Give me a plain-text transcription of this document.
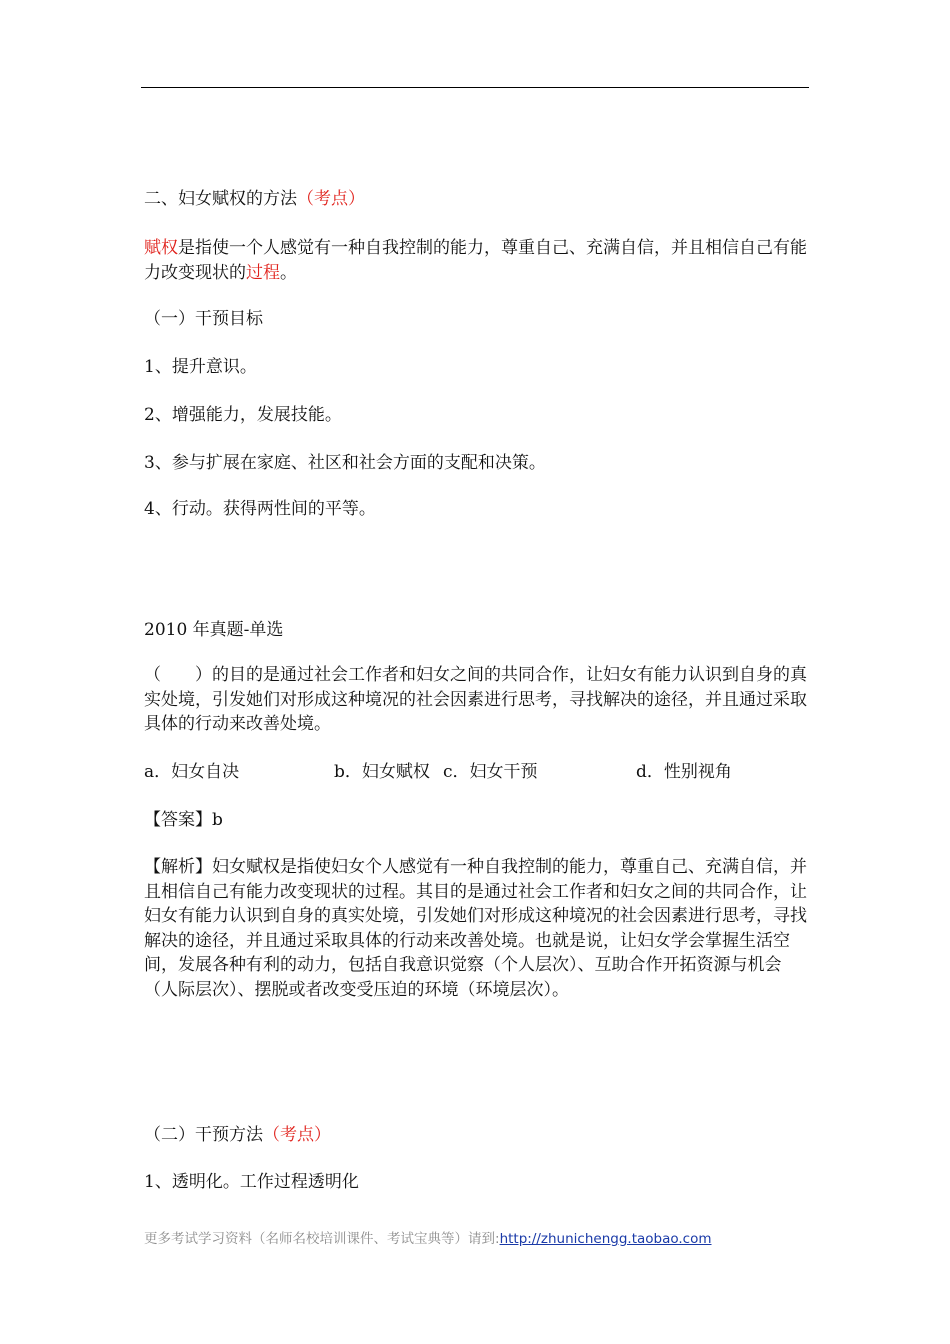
二、妇女赋权的方法（考点）

赋权是指使一个人感觉有一种自我控制的能力，尊重自己、充满自信，并且相信自己有能力改变现状的过程。

（一）干预目标

1、提升意识。

2、增强能力，发展技能。

3、参与扩展在家庭、社区和社会方面的支配和决策。

4、行动。获得两性间的平等。

2010 年真题-单选

（　　）的目的是通过社会工作者和妇女之间的共同合作，让妇女有能力认识到自身的真实处境，引发她们对形成这种境况的社会因素进行思考，寻找解决的途径，并且通过采取具体的行动来改善处境。

a．妇女自决	b．妇女赋权 c．妇女干预	d．性别视角

【答案】b

【解析】妇女赋权是指使妇女个人感觉有一种自我控制的能力，尊重自己、充满自信，并且相信自己有能力改变现状的过程。其目的是通过社会工作者和妇女之间的共同合作，让妇女有能力认识到自身的真实处境，引发她们对形成这种境况的社会因素进行思考，寻找解决的途径，并且通过采取具体的行动来改善处境。也就是说，让妇女学会掌握生活空间，发展各种有利的动力，包括自我意识觉察（个人层次）、互助合作开拓资源与机会（人际层次）、摆脱或者改变受压迫的环境（环境层次）。

（二）干预方法（考点）

1、透明化。工作过程透明化

更多考试学习资料（名师名校培训课件、考试宝典等）请到:http://zhunichengg.taobao.com
